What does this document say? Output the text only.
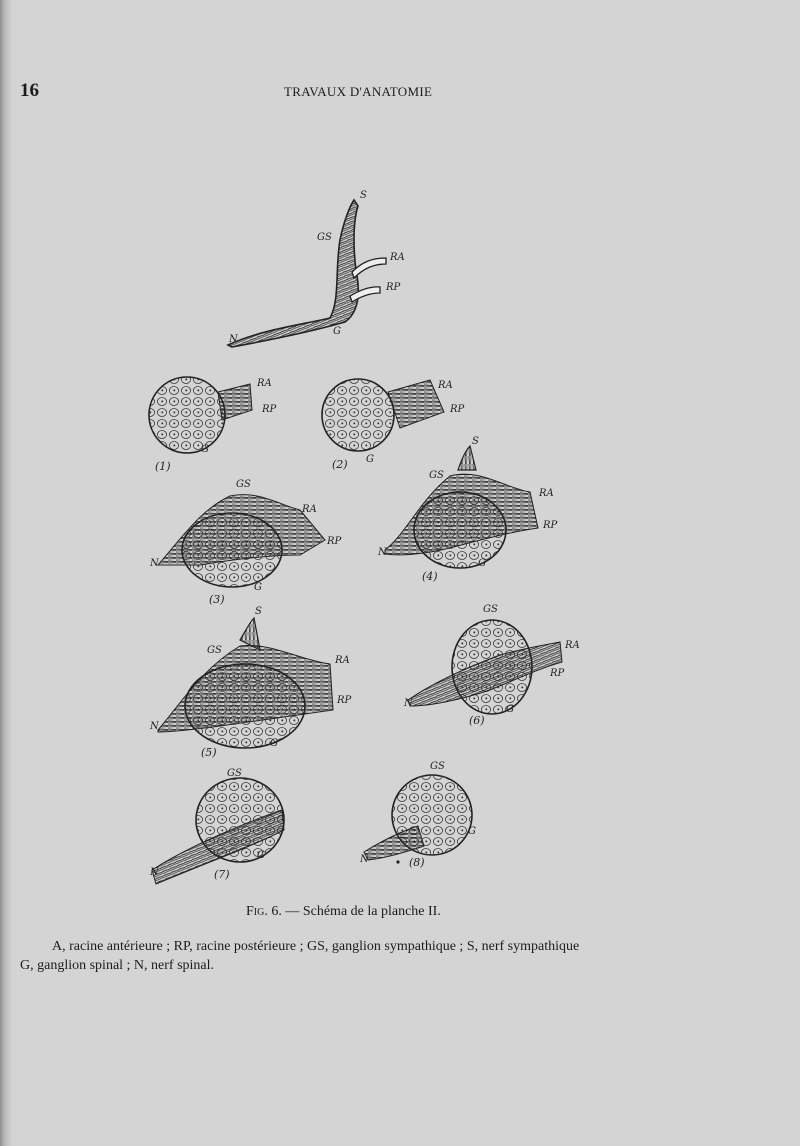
16	TRAVAUX D'ANATOMIE
S
GS
RA
RP
G
N
RA
RP
G
(1)
RA
RP
G
(2)
GS
RA
RP
N
G
(3)
S
GS
RA
RP
N
G
(4)
S
GS
RA
RP
N
G
(5)
GS
RA
RP
N
G
(6)
GS
G
N	(7)
GS
G
N	(8)
Fig. 6. — Schéma de la planche II.

A, racine antérieure ; RP, racine postérieure ; GS, ganglion sympathique ; S, nerf sympathique

G, ganglion spinal ; N, nerf spinal.
